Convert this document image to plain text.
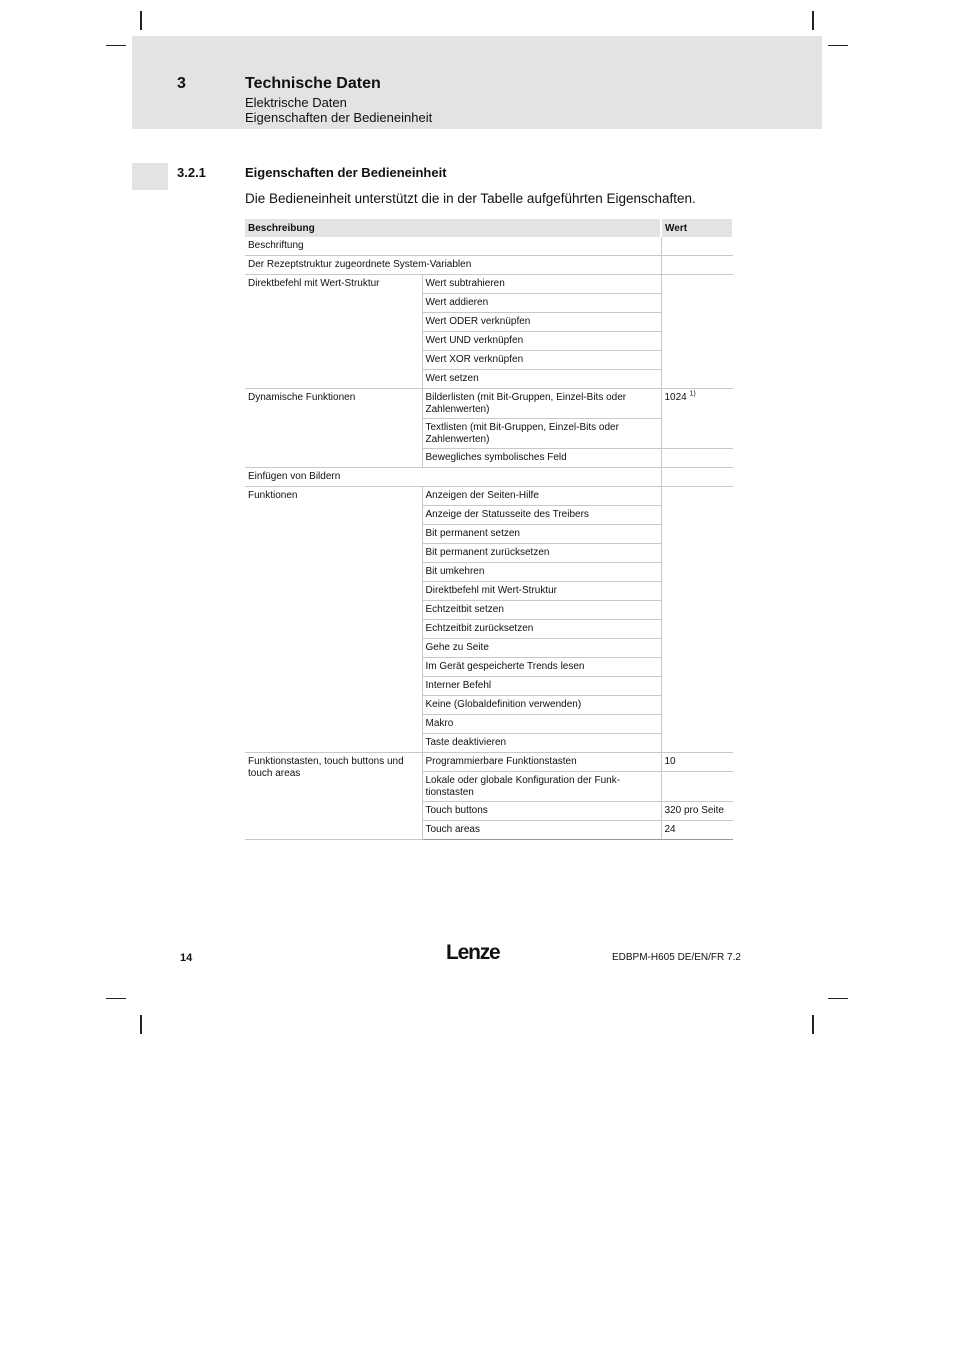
3	Technische Daten
Elektrische Daten
Eigenschaften der Bedieneinheit
3.2.1	Eigenschaften der Bedieneinheit
Die Bedieneinheit unterstützt die in der Tabelle aufgeführten Eigenschaften.
Beschreibung		Wert
Beschriftung		
Der Rezeptstruktur zugeordnete System-Variablen		
Direktbefehl mit Wert-Struktur	Wert subtrahieren	
	Wert addieren	
	Wert ODER verknüpfen	
	Wert UND verknüpfen	
	Wert XOR verknüpfen	
	Wert setzen	
Dynamische Funktionen	Bilderlisten (mit Bit-Gruppen, Einzel-Bits oder Zahlenwerten)	1024 $^{1)}$
	Textlisten (mit Bit-Gruppen, Einzel-Bits oder Zahlenwerten)	
	Bewegliches symbolisches Feld	
Einfügen von Bildern		
Funktionen	Anzeigen der Seiten-Hilfe	
	Anzeige der Statusseite des Treibers	
	Bit permanent setzen	
	Bit permanent zurücksetzen	
	Bit umkehren	
	Direktbefehl mit Wert-Struktur	
	Echtzeitbit setzen	
	Echtzeitbit zurücksetzen	
	Gehe zu Seite	
	Im Gerät gespeicherte Trends lesen	
	Interner Befehl	
	Keine (Globaldefinition verwenden)	
	Makro	
	Taste deaktivieren	
Funktionstasten, touch buttons und touch areas	Programmierbare Funktionstasten	10
	Lokale oder globale Konfiguration der Funk-tionstasten	
	Touch buttons	320 pro Seite
	Touch areas	24
14	Lenze	EDBPM-H605 DE/EN/FR 7.2
